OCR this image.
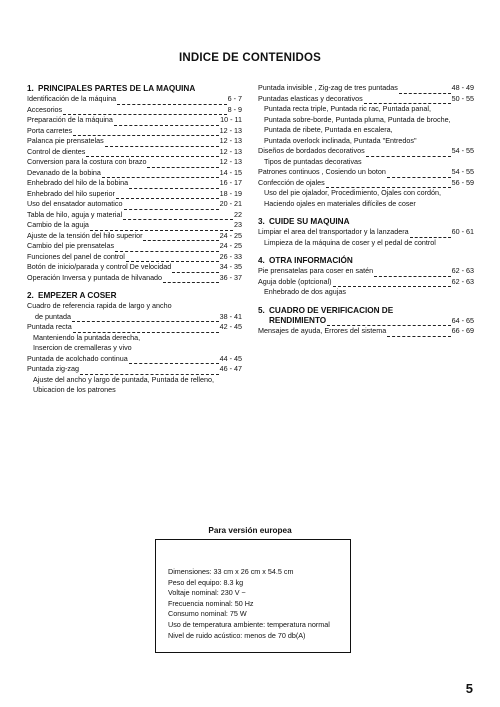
INDICE DE CONTENIDOS
1. PRINCIPALES PARTES DE LA MAQUINA
Identificación de la máquina	6 - 7
Accesorios	8 - 9
Preparación de la máquina	10 - 11
Porta carretes	12 - 13
Palanca pie prensatelas	12 - 13
Control de dientes	12 - 13
Conversion para la costura con brazo	12 - 13
Devanado de la bobina	14 - 15
Enhebrado del hilo de la bobina	16 - 17
Enhebrado del hilo superior	18 - 19
Uso del ensatador automatico	20 - 21
Tabla de hilo, aguja y material	22
Cambio de la aguja	23
Ajuste de la tensión del hilo superior	24 - 25
Cambio del pie prensatelas	24 - 25
Funciones del panel de control	26 - 33
Botón de inicio/parada y control De velocidad	34 - 35
Operación Inversa y puntada de hilvanado	36 - 37
2. EMPEZER A COSER
Cuadro de referencia rapida de largo y ancho
de puntada	38 - 41
Puntada recta	42 - 45
Manteniendo la puntada derecha,
Insercion de cremalleras y vivo
Puntada de acolchado continua	44 - 45
Puntada zig-zag	46 - 47
Ajuste del ancho y largo de puntada, Puntada de relleno,
Ubicacion de los patrones
Puntada invisible , Zig-zag de tres puntadas	48 - 49
Puntadas elasticas y decorativos	50 - 55
Puntada recta triple, Puntada ric rac, Puntada panal,
Puntada sobre-borde, Puntada pluma, Puntada de broche,
Puntada de ribete, Puntada en escalera,
Puntada overlock inclinada, Puntada "Entredos"
Diseños de bordados decorativos	54 - 55
Tipos de puntadas decorativas
Patrones continuos , Cosiendo un boton	54 - 55
Confección de ojales	56 - 59
Uso del pie ojalador, Procedimiento, Ojales con cordón,
Haciendo ojales en materiales difíciles de coser
3. CUIDE SU MAQUINA
Limpiar el area del transportador y la lanzadera	60 - 61
Limpieza de la máquina de coser y el pedal de control
4. OTRA INFORMACIÓN
Pie prensatelas para coser en satén	62 - 63
Aguja doble (optcional)	62 - 63
Enhebrado de dos agujas
5. CUADRO DE VERIFICACION DE
RENDIMIENTO	64 - 65
Mensajes de ayuda, Errores del sistema	66 - 69
Para versión europea
Dimensiones: 33 cm x 26 cm x 54.5 cm
Peso del equipo: 8.3 kg
Voltaje nominal: 230 V ~
Frecuencia nominal: 50 Hz
Consumo nominal: 75 W
Uso de temperatura ambiente: temperatura normal
Nivel de ruido acústico: menos de 70 db(A)
5
